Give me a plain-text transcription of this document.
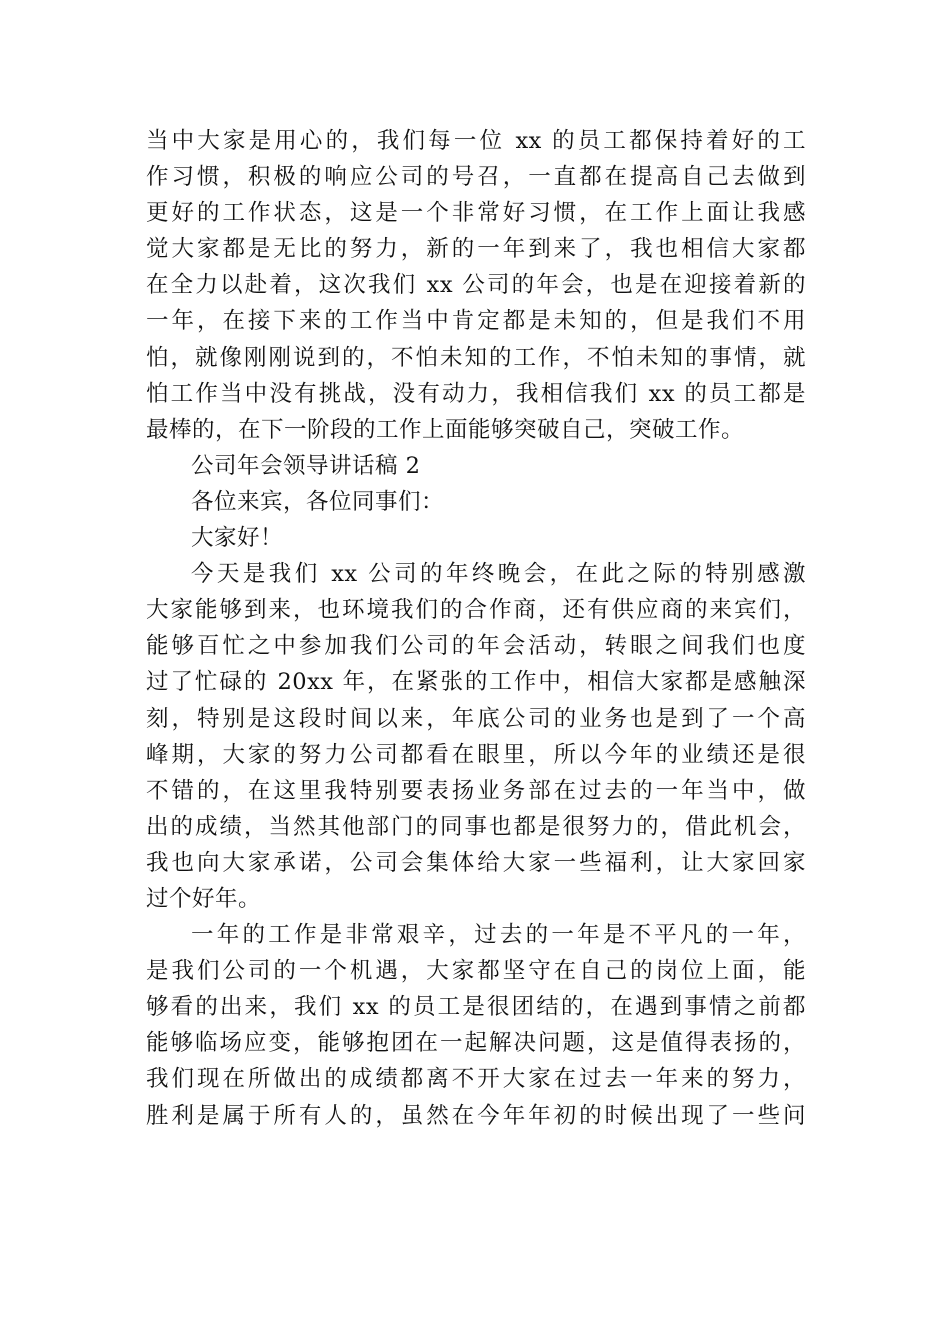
当中大家是用心的，我们每一位 xx 的员工都保持着好的工
作习惯，积极的响应公司的号召，一直都在提高自己去做到
更好的工作状态，这是一个非常好习惯，在工作上面让我感
觉大家都是无比的努力，新的一年到来了，我也相信大家都
在全力以赴着，这次我们 xx 公司的年会，也是在迎接着新的
一年，在接下来的工作当中肯定都是未知的，但是我们不用
怕，就像刚刚说到的，不怕未知的工作，不怕未知的事情，就
怕工作当中没有挑战，没有动力，我相信我们 xx 的员工都是
最棒的，在下一阶段的工作上面能够突破自己，突破工作。
公司年会领导讲话稿 2
各位来宾，各位同事们：
大家好！
今天是我们 xx 公司的年终晚会，在此之际的特别感激
大家能够到来，也环境我们的合作商，还有供应商的来宾们，
能够百忙之中参加我们公司的年会活动，转眼之间我们也度
过了忙碌的 20xx 年，在紧张的工作中，相信大家都是感触深
刻，特别是这段时间以来，年底公司的业务也是到了一个高
峰期，大家的努力公司都看在眼里，所以今年的业绩还是很
不错的，在这里我特别要表扬业务部在过去的一年当中，做
出的成绩，当然其他部门的同事也都是很努力的，借此机会，
我也向大家承诺，公司会集体给大家一些福利，让大家回家
过个好年。
一年的工作是非常艰辛，过去的一年是不平凡的一年，
是我们公司的一个机遇，大家都坚守在自己的岗位上面，能
够看的出来，我们 xx 的员工是很团结的，在遇到事情之前都
能够临场应变，能够抱团在一起解决问题，这是值得表扬的，
我们现在所做出的成绩都离不开大家在过去一年来的努力，
胜利是属于所有人的，虽然在今年年初的时候出现了一些问
